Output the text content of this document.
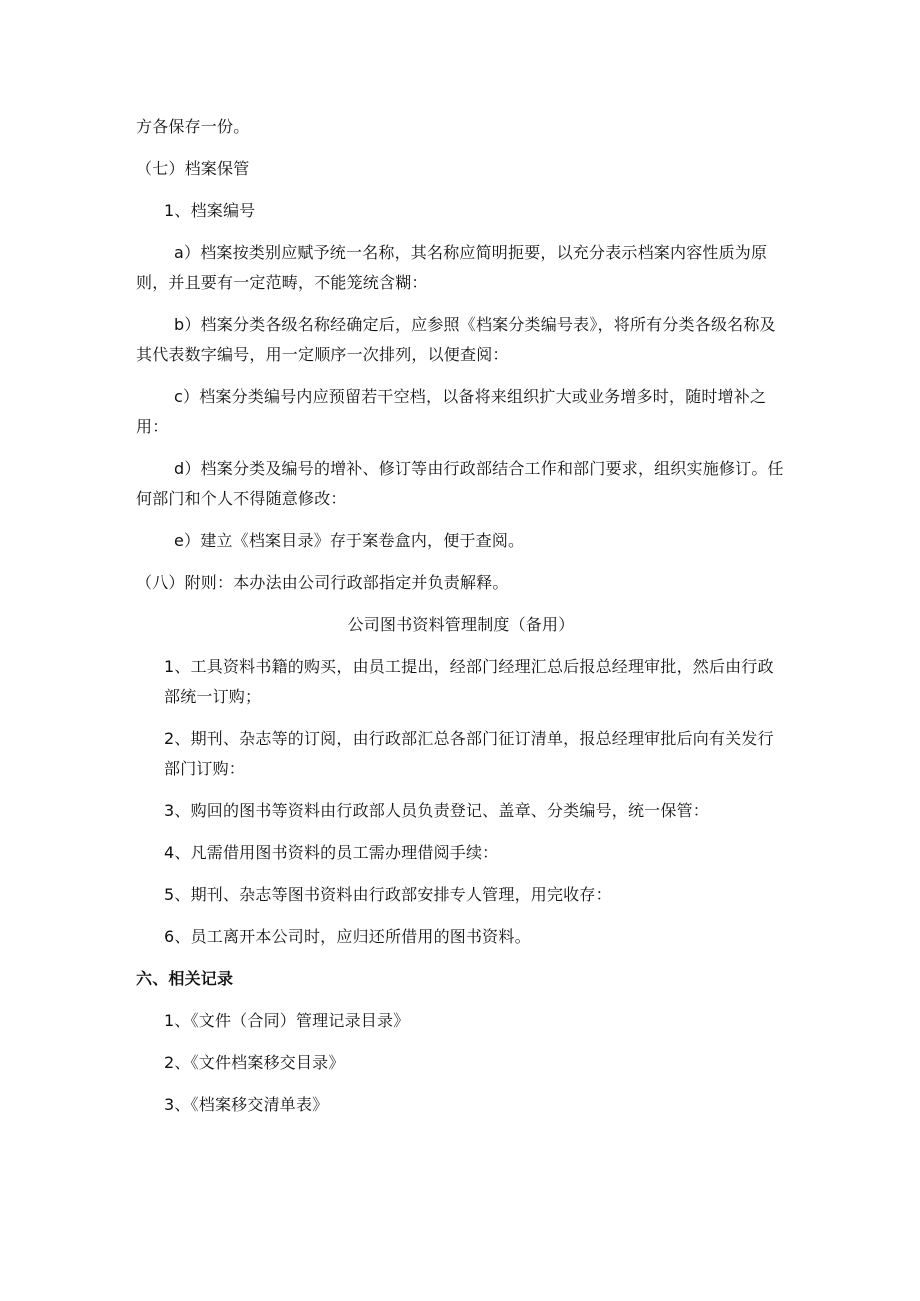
方各保存一份。

（七）档案保管

1、档案编号

a）档案按类别应赋予统一名称，其名称应简明扼要，以充分表示档案内容性质为原则，并且要有一定范畴，不能笼统含糊：

b）档案分类各级名称经确定后，应参照《档案分类编号表》，将所有分类各级名称及其代表数字编号，用一定顺序一次排列，以便查阅：

c）档案分类编号内应预留若干空档，以备将来组织扩大或业务增多时，随时增补之用：

d）档案分类及编号的增补、修订等由行政部结合工作和部门要求，组织实施修订。任何部门和个人不得随意修改：

e）建立《档案目录》存于案卷盒内，便于查阅。

（八）附则：本办法由公司行政部指定并负责解释。

公司图书资料管理制度（备用）

1、工具资料书籍的购买，由员工提出，经部门经理汇总后报总经理审批，然后由行政部统一订购；

2、期刊、杂志等的订阅，由行政部汇总各部门征订清单，报总经理审批后向有关发行部门订购：

3、购回的图书等资料由行政部人员负责登记、盖章、分类编号，统一保管：

4、凡需借用图书资料的员工需办理借阅手续：

5、期刊、杂志等图书资料由行政部安排专人管理，用完收存：

6、员工离开本公司时，应归还所借用的图书资料。

六、相关记录

1、《文件（合同）管理记录目录》

2、《文件档案移交目录》

3、《档案移交清单表》
